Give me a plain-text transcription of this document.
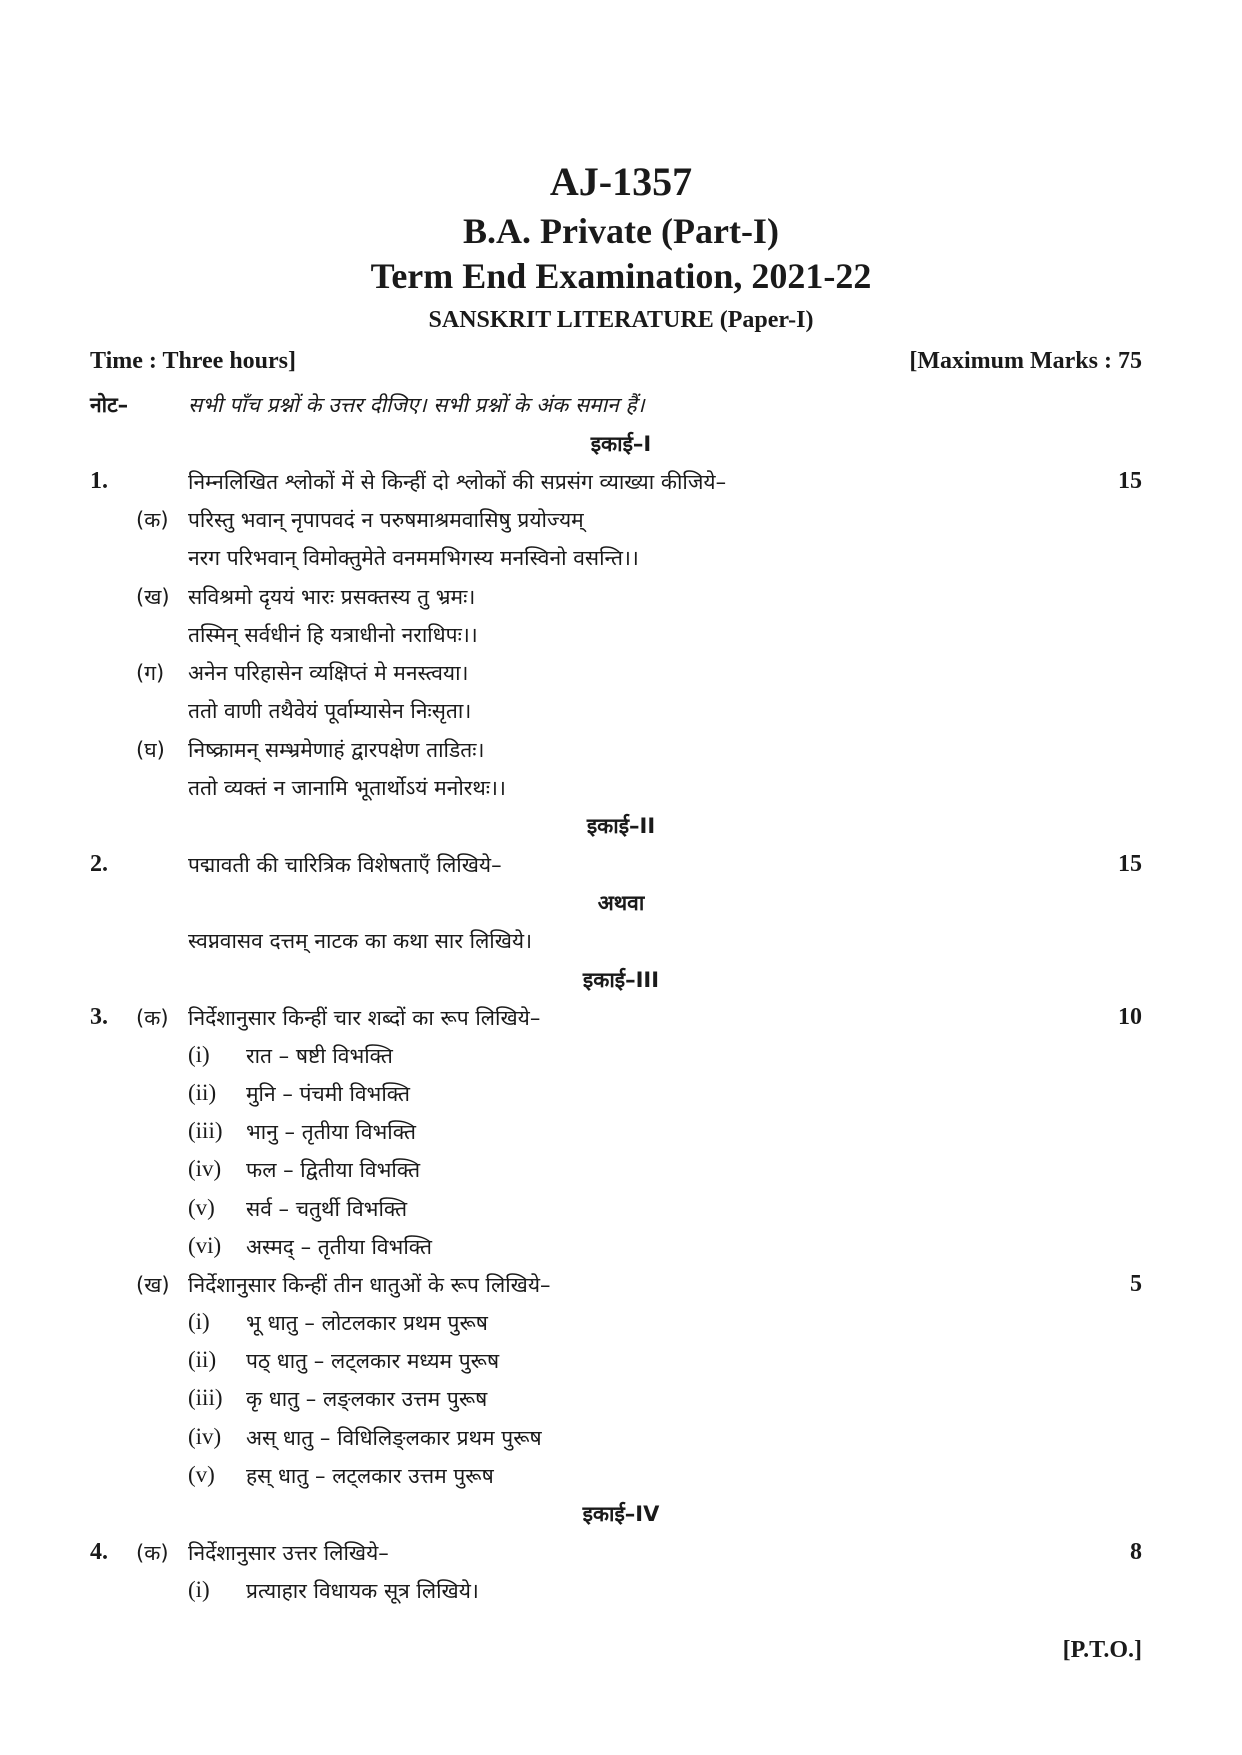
AJ-1357
B.A. Private (Part-I)
Term End Examination, 2021-22
SANSKRIT LITERATURE (Paper-I)
Time : Three hours]	[Maximum Marks : 75
नोट–	सभी पाँच प्रश्नों के उत्तर दीजिए। सभी प्रश्नों के अंक समान हैं।
इकाई–I
1.	निम्नलिखित श्लोकों में से किन्हीं दो श्लोकों की सप्रसंग व्याख्या कीजिये–	15
(क) परिस्तु भवान् नृपापवदं न परुषमाश्रमवासिषु प्रयोज्यम्
नरग परिभवान् विमोक्तुमेते वनममभिगस्य मनस्विनो वसन्ति।।
(ख) सविश्रमो दृययं भारः प्रसक्तस्य तु भ्रमः।
तस्मिन् सर्वधीनं हि यत्राधीनो नराधिपः।।
(ग) अनेन परिहासेन व्यक्षिप्तं मे मनस्त्वया।
ततो वाणी तथैवेयं पूर्वाम्यासेन निःसृता।
(घ) निष्क्रामन् सम्भ्रमेणाहं द्वारपक्षेण ताडितः।
ततो व्यक्तं न जानामि भूतार्थोऽयं मनोरथः।।
इकाई–II
2.	पद्मावती की चारित्रिक विशेषताएँ लिखिये–	15
अथवा
स्वप्नवासव दत्तम् नाटक का कथा सार लिखिये।
इकाई–III
3. (क) निर्देशानुसार किन्हीं चार शब्दों का रूप लिखिये–	10
(i) रात – षष्टी विभक्ति
(ii) मुनि – पंचमी विभक्ति
(iii) भानु – तृतीया विभक्ति
(iv) फल – द्वितीया विभक्ति
(v) सर्व – चतुर्थी विभक्ति
(vi) अस्मद् – तृतीया विभक्ति
(ख) निर्देशानुसार किन्हीं तीन धातुओं के रूप लिखिये–	5
(i) भू धातु – लोटलकार प्रथम पुरूष
(ii) पठ् धातु – लट्लकार मध्यम पुरूष
(iii) कृ धातु – लङ्लकार उत्तम पुरूष
(iv) अस् धातु – विधिलिङ्लकार प्रथम पुरूष
(v) हस् धातु – लट्लकार उत्तम पुरूष
इकाई–IV
4. (क) निर्देशानुसार उत्तर लिखिये–	8
(i) प्रत्याहार विधायक सूत्र लिखिये।
[P.T.O.]
